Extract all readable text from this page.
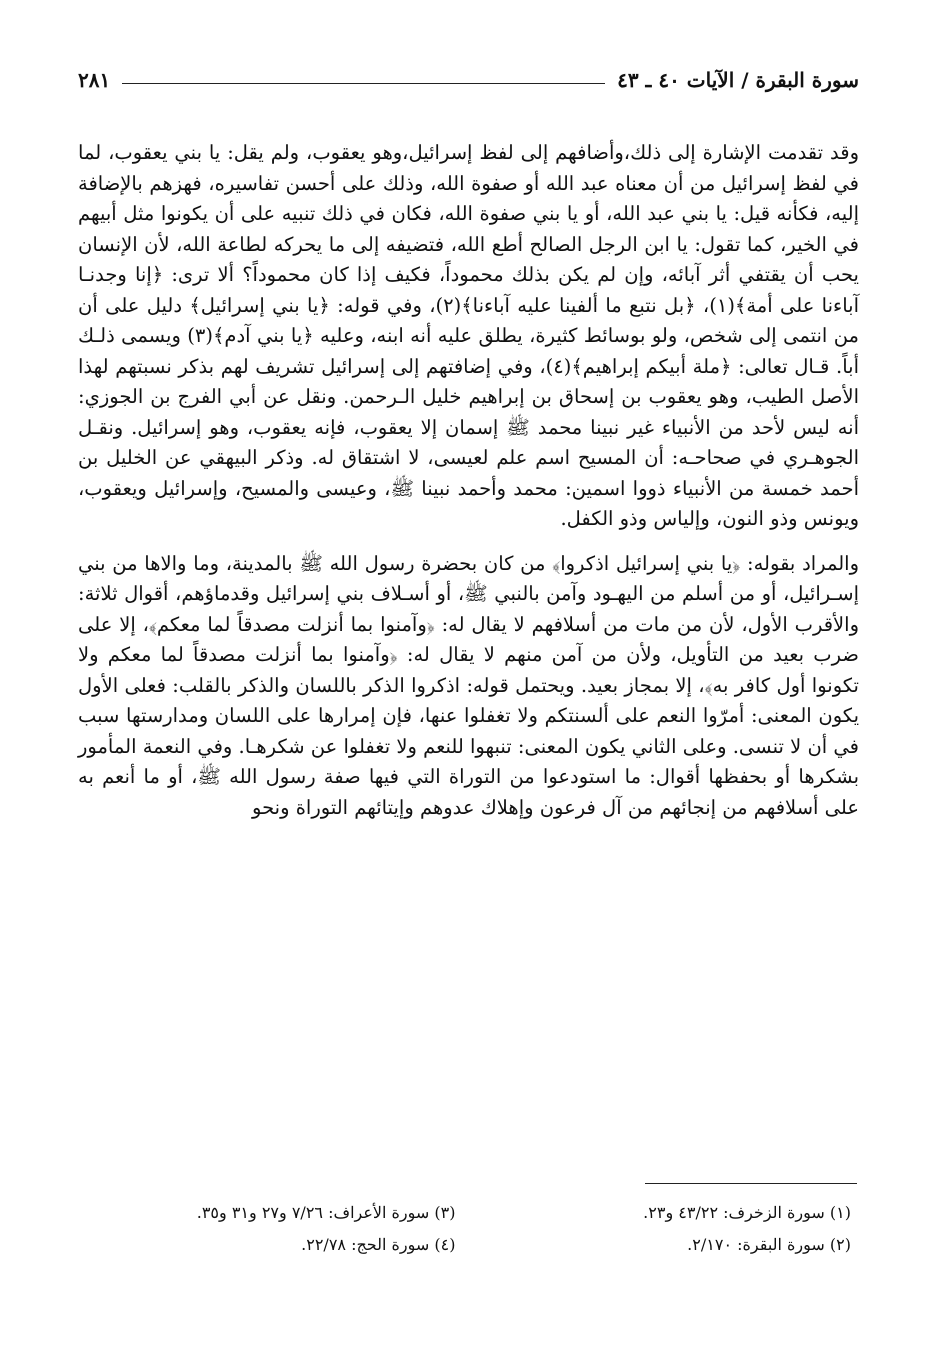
سورة البقرة / الآيات ٤٠ ـ ٤٣
٢٨١

وقد تقدمت الإشارة إلى ذلك،وأضافهم إلى لفظ إسرائيل،وهو يعقوب، ولم يقل: يا بني يعقوب، لما في لفظ إسرائيل من أن معناه عبد الله أو صفوة الله، وذلك على أحسن تفاسيره، فهزهم بالإضافة إليه، فكأنه قيل: يا بني عبد الله، أو يا بني صفوة الله، فكان في ذلك تنبيه على أن يكونوا مثل أبيهم في الخير، كما تقول: يا ابن الرجل الصالح أطع الله، فتضيفه إلى ما يحركه لطاعة الله، لأن الإنسان يحب أن يقتفي أثر آبائه، وإن لم يكن بذلك محموداً، فكيف إذا كان محموداً؟ ألا ترى: ﴿إنا وجدنـا آباءنا على أمة﴾(١)، ﴿بل نتبع ما ألفينا عليه آباءنا﴾(٢)، وفي قوله: ﴿يا بني إسرائيل﴾ دليل على أن من انتمى إلى شخص، ولو بوسائط كثيرة، يطلق عليه أنه ابنه، وعليه ﴿يا بني آدم﴾(٣) ويسمى ذلـك أباً. قـال تعالى: ﴿ملة أبيكم إبراهيم﴾(٤)، وفي إضافتهم إلى إسرائيل تشريف لهم بذكر نسبتهم لهذا الأصل الطيب، وهو يعقوب بن إسحاق بن إبراهيم خليل الـرحمن. ونقل عن أبي الفرج بن الجوزي: أنه ليس لأحد من الأنبياء غير نبينا محمد ﷺ إسمان إلا يعقوب، فإنه يعقوب، وهو إسرائيل. ونقـل الجوهـري في صحاحـه: أن المسيح اسم علم لعيسى، لا اشتقاق له. وذكر البيهقي عن الخليل بن أحمد خمسة من الأنبياء ذووا اسمين: محمد وأحمد نبينا ﷺ، وعيسى والمسيح، وإسرائيل ويعقوب، ويونس وذو النون، وإلياس وذو الكفل.

والمراد بقوله: ﴿يا بني إسرائيل اذكروا﴾ من كان بحضرة رسول الله ﷺ بالمدينة، وما والاها من بني إسـرائيل، أو من أسلم من اليهـود وآمن بالنبي ﷺ، أو أسـلاف بني إسرائيل وقدماؤهم، أقوال ثلاثة: والأقرب الأول، لأن من مات من أسلافهم لا يقال له: ﴿وآمنوا بما أنزلت مصدقاً لما معكم﴾، إلا على ضرب بعيد من التأويل، ولأن من آمن منهم لا يقال له: ﴿وآمنوا بما أنزلت مصدقاً لما معكم ولا تكونوا أول كافر به﴾، إلا بمجاز بعيد. ويحتمل قوله: اذكروا الذكر باللسان والذكر بالقلب: فعلى الأول يكون المعنى: أمرّوا النعم على ألسنتكم ولا تغفلوا عنها، فإن إمرارها على اللسان ومدارستها سبب في أن لا تنسى. وعلى الثاني يكون المعنى: تنبهوا للنعم ولا تغفلوا عن شكرهـا. وفي النعمة المأمور بشكرها أو بحفظها أقوال: ما استودعوا من التوراة التي فيها صفة رسول الله ﷺ، أو ما أنعم به على أسلافهم من إنجائهم من آل فرعون وإهلاك عدوهم وإيتائهم التوراة ونحو

(١) سورة الزخرف: ٤٣/٢٢ و٢٣.
(٣) سورة الأعراف: ٧/٢٦ و٢٧ و٣١ و٣٥.
(٢) سورة البقرة: ٢/١٧٠.
(٤) سورة الحج: ٢٢/٧٨.
